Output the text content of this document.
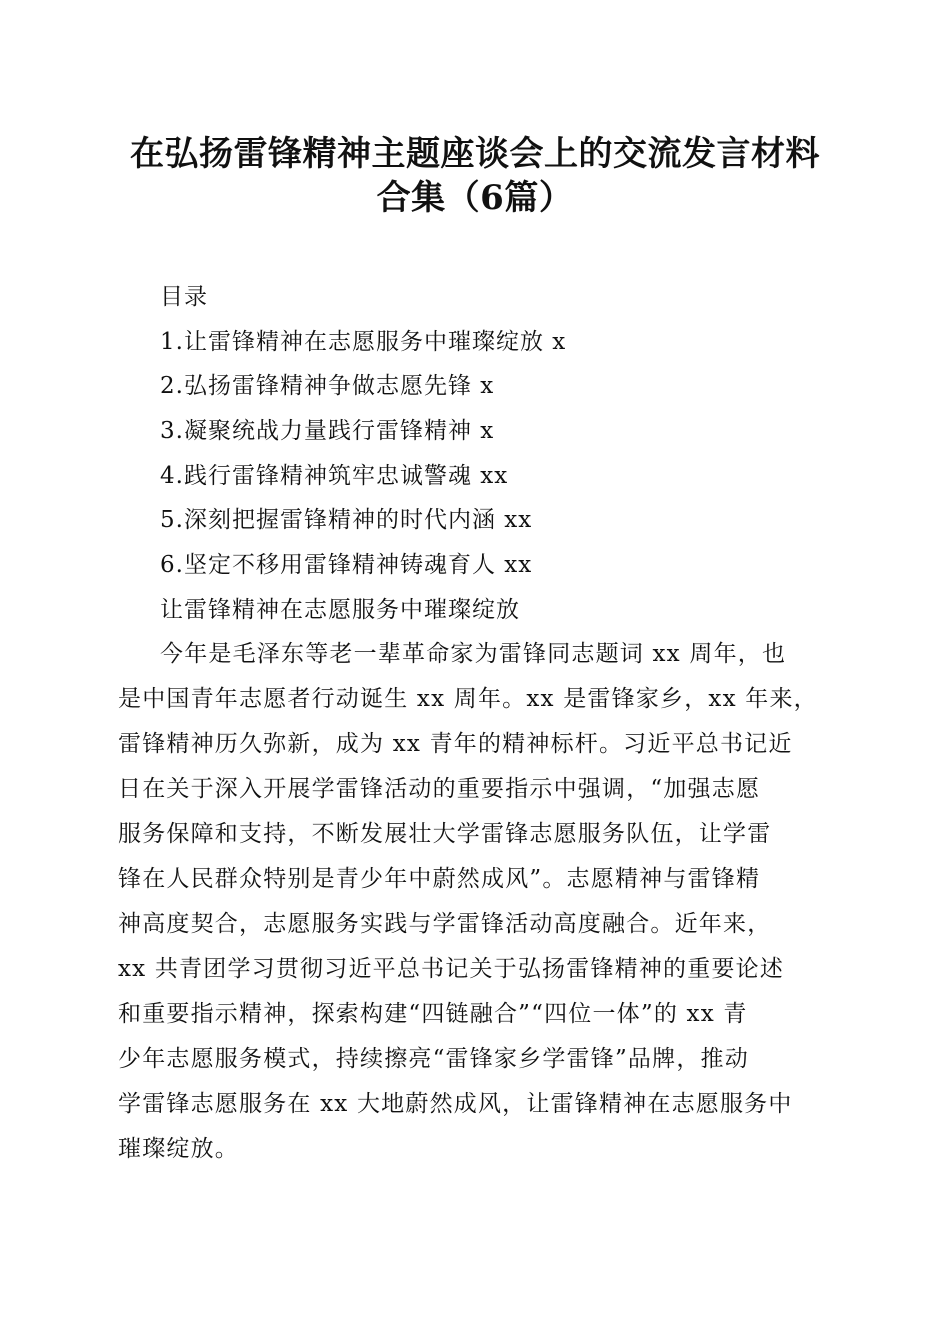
在弘扬雷锋精神主题座谈会上的交流发言材料
合集（6篇）
目录
1.让雷锋精神在志愿服务中璀璨绽放 x
2.弘扬雷锋精神争做志愿先锋 x
3.凝聚统战力量践行雷锋精神 x
4.践行雷锋精神筑牢忠诚警魂 xx
5.深刻把握雷锋精神的时代内涵 xx
6.坚定不移用雷锋精神铸魂育人 xx
让雷锋精神在志愿服务中璀璨绽放
今年是毛泽东等老一辈革命家为雷锋同志题词 xx 周年，也
是中国青年志愿者行动诞生 xx 周年。xx 是雷锋家乡，xx 年来，
雷锋精神历久弥新，成为 xx 青年的精神标杆。习近平总书记近
日在关于深入开展学雷锋活动的重要指示中强调，“加强志愿
服务保障和支持，不断发展壮大学雷锋志愿服务队伍，让学雷
锋在人民群众特别是青少年中蔚然成风”。志愿精神与雷锋精
神高度契合，志愿服务实践与学雷锋活动高度融合。近年来，
xx 共青团学习贯彻习近平总书记关于弘扬雷锋精神的重要论述
和重要指示精神，探索构建“四链融合”“四位一体”的 xx 青
少年志愿服务模式，持续擦亮“雷锋家乡学雷锋”品牌，推动
学雷锋志愿服务在 xx 大地蔚然成风，让雷锋精神在志愿服务中
璀璨绽放。
